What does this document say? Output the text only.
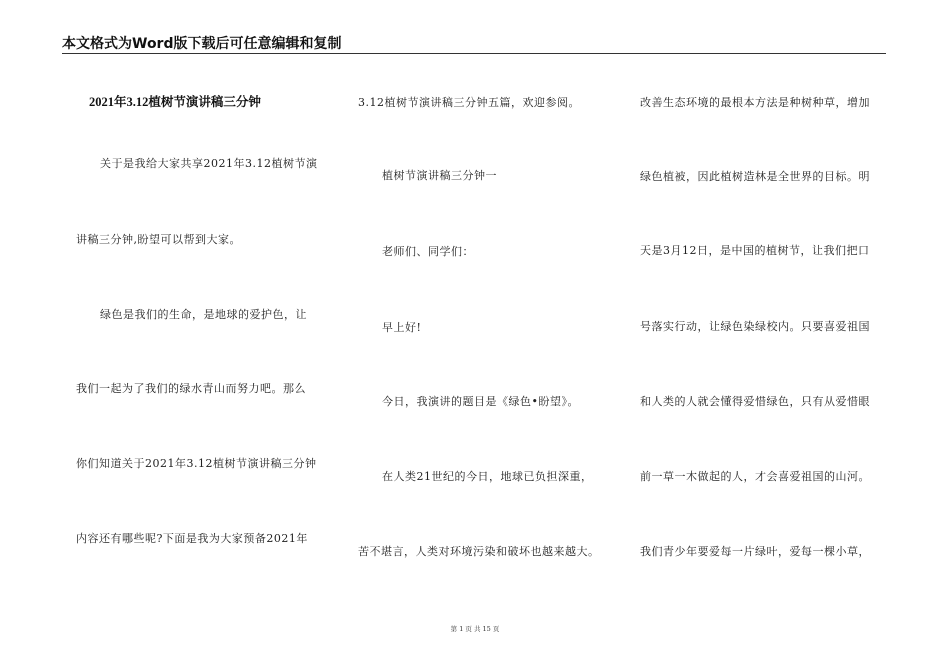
本文格式为Word版下载后可任意编辑和复制
2021年3.12植树节演讲稿三分钟
关于是我给大家共享2021年3.12植树节演
讲稿三分钟,盼望可以帮到大家。
绿色是我们的生命，是地球的爱护色，让
我们一起为了我们的绿水青山而努力吧。那么
你们知道关于2021年3.12植树节演讲稿三分钟
内容还有哪些呢?下面是我为大家预备2021年
3.12植树节演讲稿三分钟五篇，欢迎参阅。
植树节演讲稿三分钟一
老师们、同学们：
早上好!
今日，我演讲的题目是《绿色•盼望》。
在人类21世纪的今日，地球已负担深重，
苦不堪言，人类对环境污染和破坏也越来越大。
改善生态环境的最根本方法是种树种草，增加
绿色植被，因此植树造林是全世界的目标。明
天是3月12日，是中国的植树节，让我们把口
号落实行动，让绿色染绿校内。只要喜爱祖国
和人类的人就会懂得爱惜绿色，只有从爱惜眼
前一草一木做起的人，才会喜爱祖国的山河。
我们青少年要爱每一片绿叶，爱每一棵小草，
第 1 页 共 15 页
